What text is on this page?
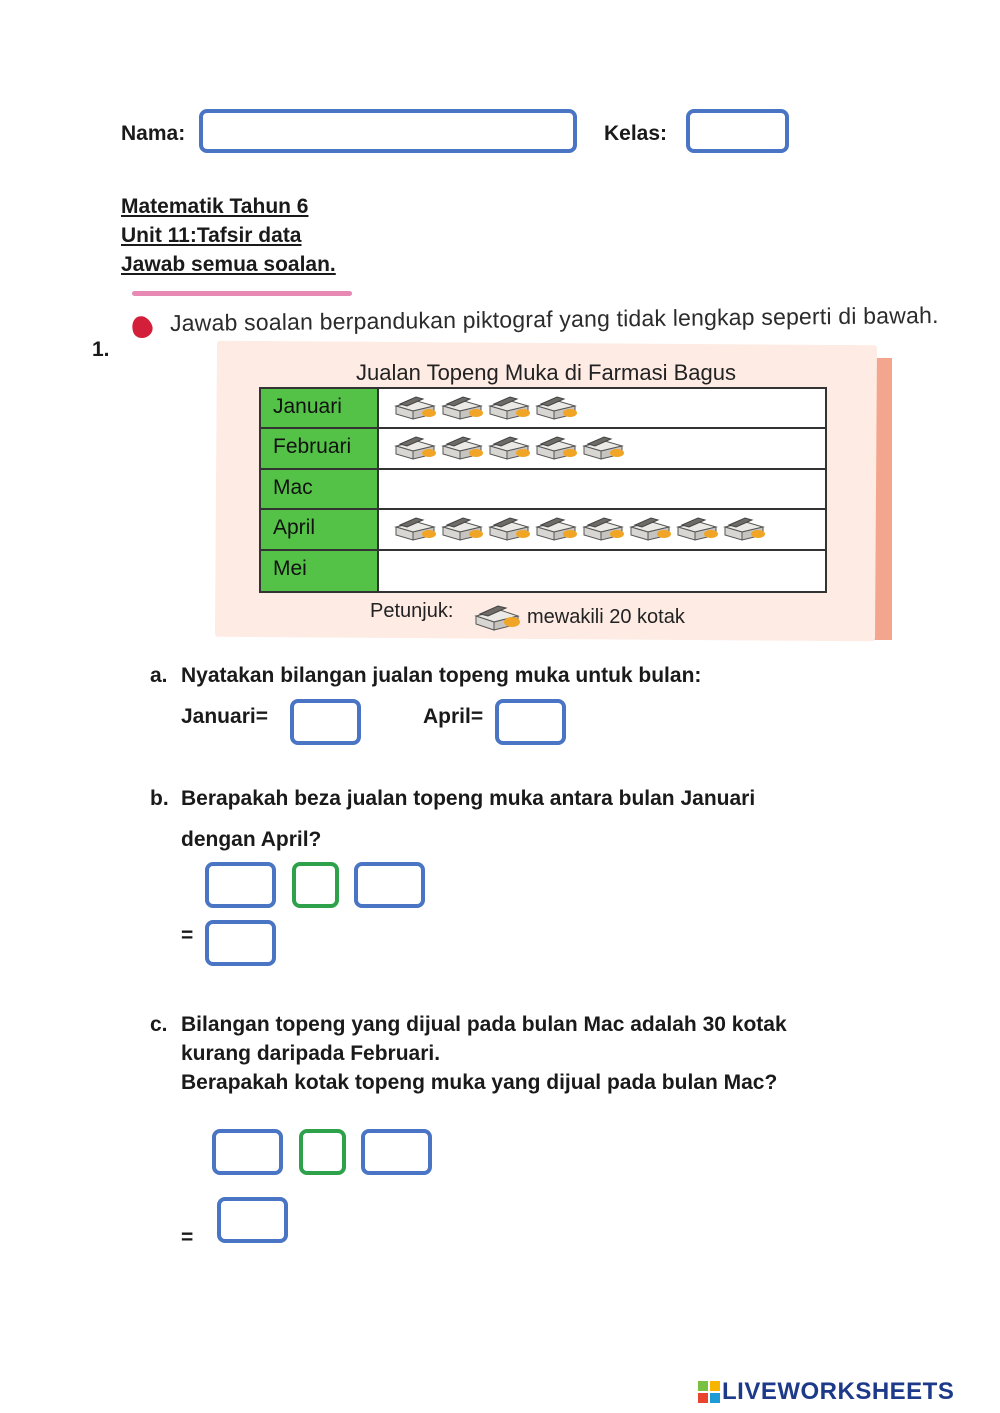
Nama:	Kelas:
Matematik Tahun 6
Unit 11:Tafsir data
Jawab semua soalan.
1.
Jawab soalan berpandukan piktograf yang tidak lengkap seperti di bawah.
Jualan Topeng Muka di Farmasi Bagus
Januari
Februari
Mac
April
Mei
Petunjuk:	mewakili 20 kotak
a. Nyatakan bilangan jualan topeng muka untuk bulan:
Januari=	April=
b. Berapakah beza jualan topeng muka antara bulan Januari
dengan April?
=
c. Bilangan topeng yang dijual pada bulan Mac adalah 30 kotak
kurang daripada Februari.
Berapakah kotak topeng muka yang dijual pada bulan Mac?
=
LIVEWORKSHEETS
